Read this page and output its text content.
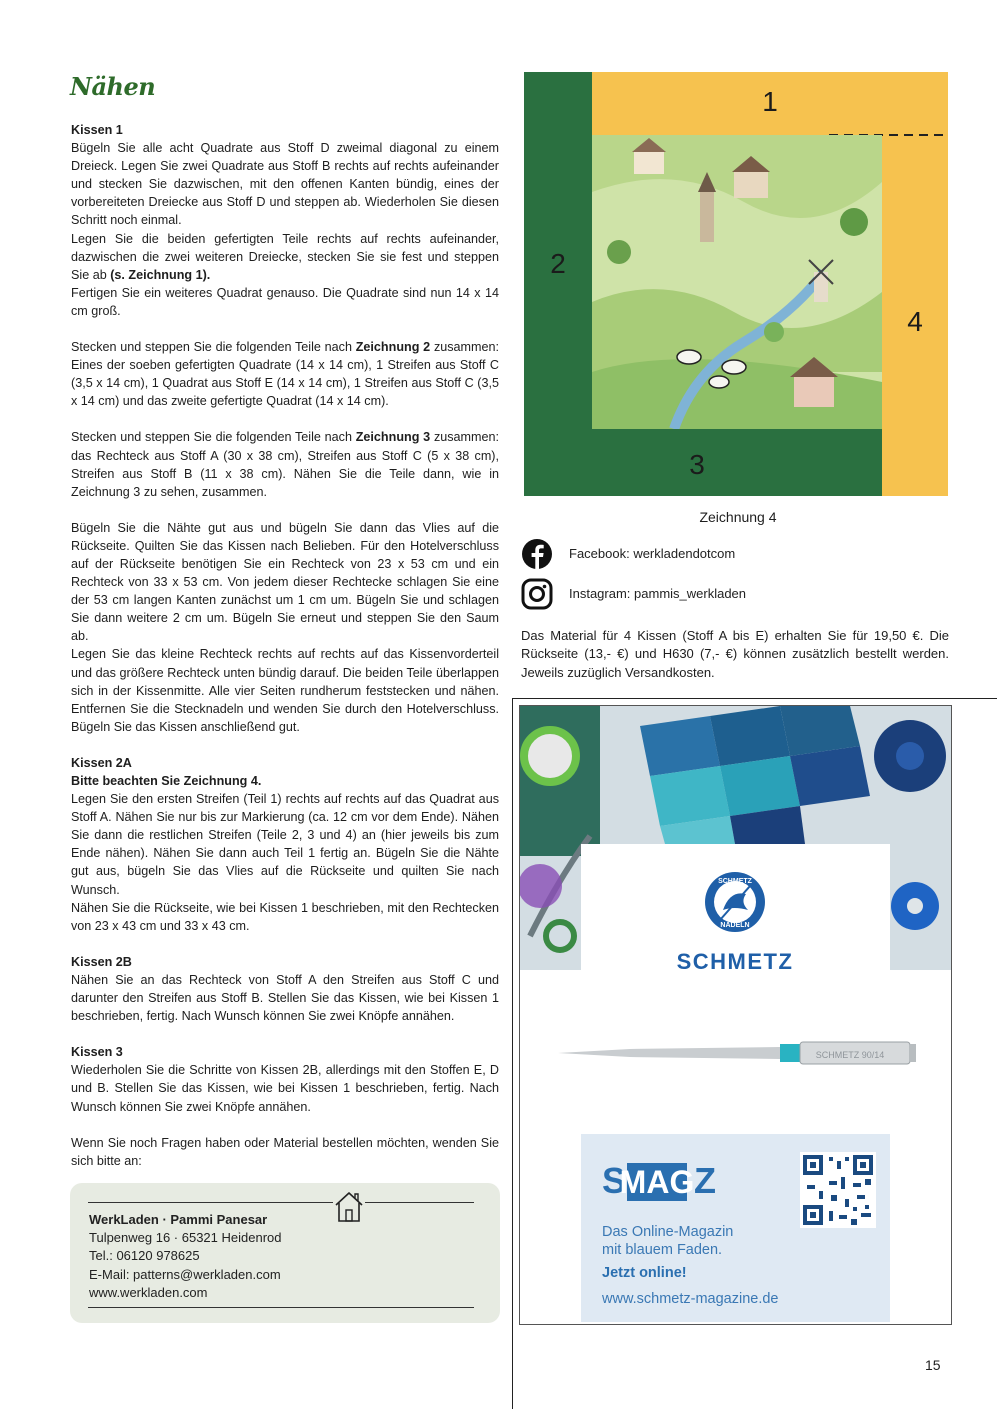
Nähen

Kissen 1

Bügeln Sie alle acht Quadrate aus Stoff D zweimal diagonal zu einem Dreieck. Legen Sie zwei Quadrate aus Stoff B rechts auf rechts aufeinander und stecken Sie dazwischen, mit den offenen Kanten bündig, eines der vorbereiteten Dreiecke aus Stoff D und steppen ab. Wiederholen Sie diesen Schritt noch einmal.

Legen Sie die beiden gefertigten Teile rechts auf rechts aufeinander, dazwischen die zwei weiteren Dreiecke, stecken Sie sie fest und steppen Sie ab (s. Zeichnung 1).

Fertigen Sie ein weiteres Quadrat genauso. Die Quadrate sind nun 14 x 14 cm groß.

Stecken und steppen Sie die folgenden Teile nach Zeichnung 2 zusammen: Eines der soeben gefertigten Quadrate (14 x 14 cm), 1 Streifen aus Stoff C (3,5 x 14 cm), 1 Quadrat aus Stoff E (14 x 14 cm), 1 Streifen aus Stoff C (3,5 x 14 cm) und das zweite gefertigte Quadrat (14 x 14 cm).

Stecken und steppen Sie die folgenden Teile nach Zeichnung 3 zusammen: das Rechteck aus Stoff A (30 x 38 cm), Streifen aus Stoff C (5 x 38 cm), Streifen aus Stoff B (11 x 38 cm). Nähen Sie die Teile dann, wie in Zeichnung 3 zu sehen, zusammen.

Bügeln Sie die Nähte gut aus und bügeln Sie dann das Vlies auf die Rückseite. Quilten Sie das Kissen nach Belieben. Für den Hotelverschluss auf der Rückseite benötigen Sie ein Rechteck von 23 x 53 cm und ein Rechteck von 33 x 53 cm. Von jedem dieser Rechtecke schlagen Sie eine der 53 cm langen Kanten zunächst um 1 cm um. Bügeln Sie und schlagen Sie dann weitere 2 cm um. Bügeln Sie erneut und steppen Sie den Saum ab.

Legen Sie das kleine Rechteck rechts auf rechts auf das Kissenvorderteil und das größere Rechteck unten bündig darauf. Die beiden Teile überlappen sich in der Kissenmitte. Alle vier Seiten rundherum feststecken und nähen. Entfernen Sie die Stecknadeln und wenden Sie durch den Hotelverschluss. Bügeln Sie das Kissen anschließend gut.

Kissen 2A

Bitte beachten Sie Zeichnung 4.

Legen Sie den ersten Streifen (Teil 1) rechts auf rechts auf das Quadrat aus Stoff A. Nähen Sie nur bis zur Markierung (ca. 12 cm vor dem Ende). Nähen Sie dann die restlichen Streifen (Teile 2, 3 und 4) an (hier jeweils bis zum Ende nähen). Nähen Sie dann auch Teil 1 fertig an. Bügeln Sie die Nähte gut aus, bügeln Sie das Vlies auf die Rückseite und quilten Sie nach Wunsch.

Nähen Sie die Rückseite, wie bei Kissen 1 beschrieben, mit den Rechtecken von 23 x 43 cm und 33 x 43 cm.

Kissen 2B

Nähen Sie an das Rechteck von Stoff A den Streifen aus Stoff C und darunter den Streifen aus Stoff B. Stellen Sie das Kissen, wie bei Kissen 1 beschrieben, fertig. Nach Wunsch können Sie zwei Knöpfe annähen.

Kissen 3

Wiederholen Sie die Schritte von Kissen 2B, allerdings mit den Stoffen E, D und B. Stellen Sie das Kissen, wie bei Kissen 1 beschrieben, fertig. Nach Wunsch können Sie zwei Knöpfe annähen.

Wenn Sie noch Fragen haben oder Material bestellen möchten, wenden Sie sich bitte an:

WerkLaden · Pammi Panesar
Tulpenweg 16 · 65321 Heidenrod
Tel.: 06120 978625
E-Mail: patterns@werkladen.com
www.werkladen.com
1
2
3
4
Zeichnung 4
Facebook: werkladendotcom
Instagram: pammis_werkladen

Das Material für 4 Kissen (Stoff A bis E) erhalten Sie für 19,50 €. Die Rückseite (13,- €) und H630 (7,- €) können zusätzlich bestellt werden. Jeweils zuzüglich Versandkosten.

SCHMETZ
NADELN
SCHMETZ
SCHMETZ 90/14
S
MAG Z
Das Online-Magazin
mit blauem Faden.
Jetzt online!
www.schmetz-magazine.de
15
